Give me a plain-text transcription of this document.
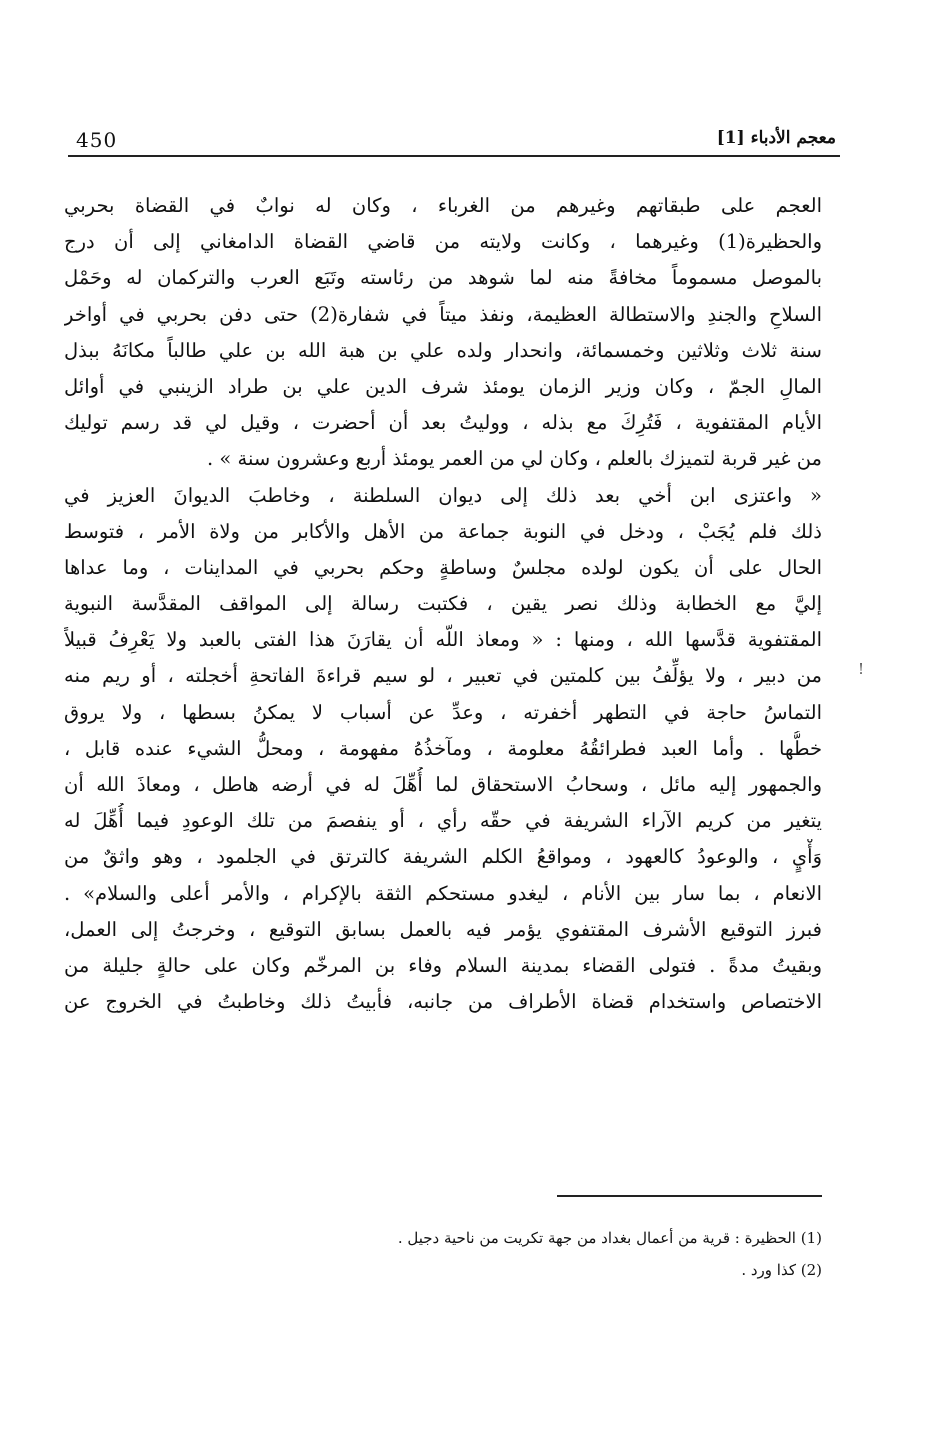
450	معجم الأدباء [1]
العجم على طبقاتهم وغيرهم من الغرباء ، وكان له نوابٌ في القضاة بحربي
والحظيرة(1) وغيرهما ، وكانت ولايته من قاضي القضاة الدامغاني إلى أن درج
بالموصل مسموماً مخافةً منه لما شوهد من رئاسته وتَبَع العرب والتركمان له وحَمْل
السلاحِ والجندِ والاستطالة العظيمة، ونفذ ميتاً في شفارة(2) حتى دفن بحربي في أواخر
سنة ثلاث وثلاثين وخمسمائة، وانحدار ولده علي بن هبة الله بن علي طالباً مكانَهُ ببذل
المالِ الجمّ ، وكان وزير الزمان يومئذ شرف الدين علي بن طراد الزينبي في أوائل
الأيام المقتفوية ، فَتُرِكَ مع بذله ، ووليتُ بعد أن أحضرت ، وقيل لي قد رسم توليك
من غير قربة لتميزك بالعلم ، وكان لي من العمر يومئذ أربع وعشرون سنة » .
« واعتزى ابن أخي بعد ذلك إلى ديوان السلطنة ، وخاطبَ الديوانَ العزيز في
ذلك فلم يُجَبْ ، ودخل في النوبة جماعة من الأهل والأكابر من ولاة الأمر ، فتوسط
الحال على أن يكون لولده مجلسٌ وساطةٍ وحكم بحربي في المداينات ، وما عداها
إليَّ مع الخطابة وذلك نصر يقين ، فكتبت رسالة إلى المواقف المقدَّسة النبوية
المقتفوية قدَّسها الله ، ومنها : « ومعاذ اللّه أن يقارَنَ هذا الفتى بالعبد ولا يَعْرِفُ قبيلاً
من دبير ، ولا يؤلِّفُ بين كلمتين في تعبير ، لو سيم قراءةَ الفاتحةِ أخجلته ، أو ريم منه
التماسُ حاجة في التطهر أخفرته ، وعدِّ عن أسباب لا يمكنُ بسطها ، ولا يروق
خطُّها . وأما العبد فطرائقُهُ معلومة ، ومآخذُهُ مفهومة ، ومحلُّ الشيء عنده قابل ،
والجمهور إليه مائل ، وسحابُ الاستحقاق لما أُهِّلَ له في أرضه هاطل ، ومعاذَ الله أن
يتغير من كريم الآراء الشريفة في حقّه رأي ، أو ينفصمَ من تلك الوعودِ فيما أُهِّلَ له
وَأْيٍ ، والوعودُ كالعهود ، ومواقعُ الكلم الشريفة كالترتق في الجلمود ، وهو واثقٌ من
الانعام ، بما سار بين الأنام ، ليغدو مستحكم الثقة بالإكرام ، والأمر أعلى والسلام» .
فبرز التوقيع الأشرف المقتفوي يؤمر فيه بالعمل بسابق التوقيع ، وخرجتُ إلى العمل،
وبقيتُ مدةً . فتولى القضاء بمدينة السلام وفاء بن المرخّم وكان على حالةٍ جليلة من
الاختصاص واستخدام قضاة الأطراف من جانبه، فأبيتُ ذلك وخاطبتُ في الخروج عن
!
(1) الحظيرة : قرية من أعمال بغداد من جهة تكريت من ناحية دجيل .
(2) كذا ورد .
